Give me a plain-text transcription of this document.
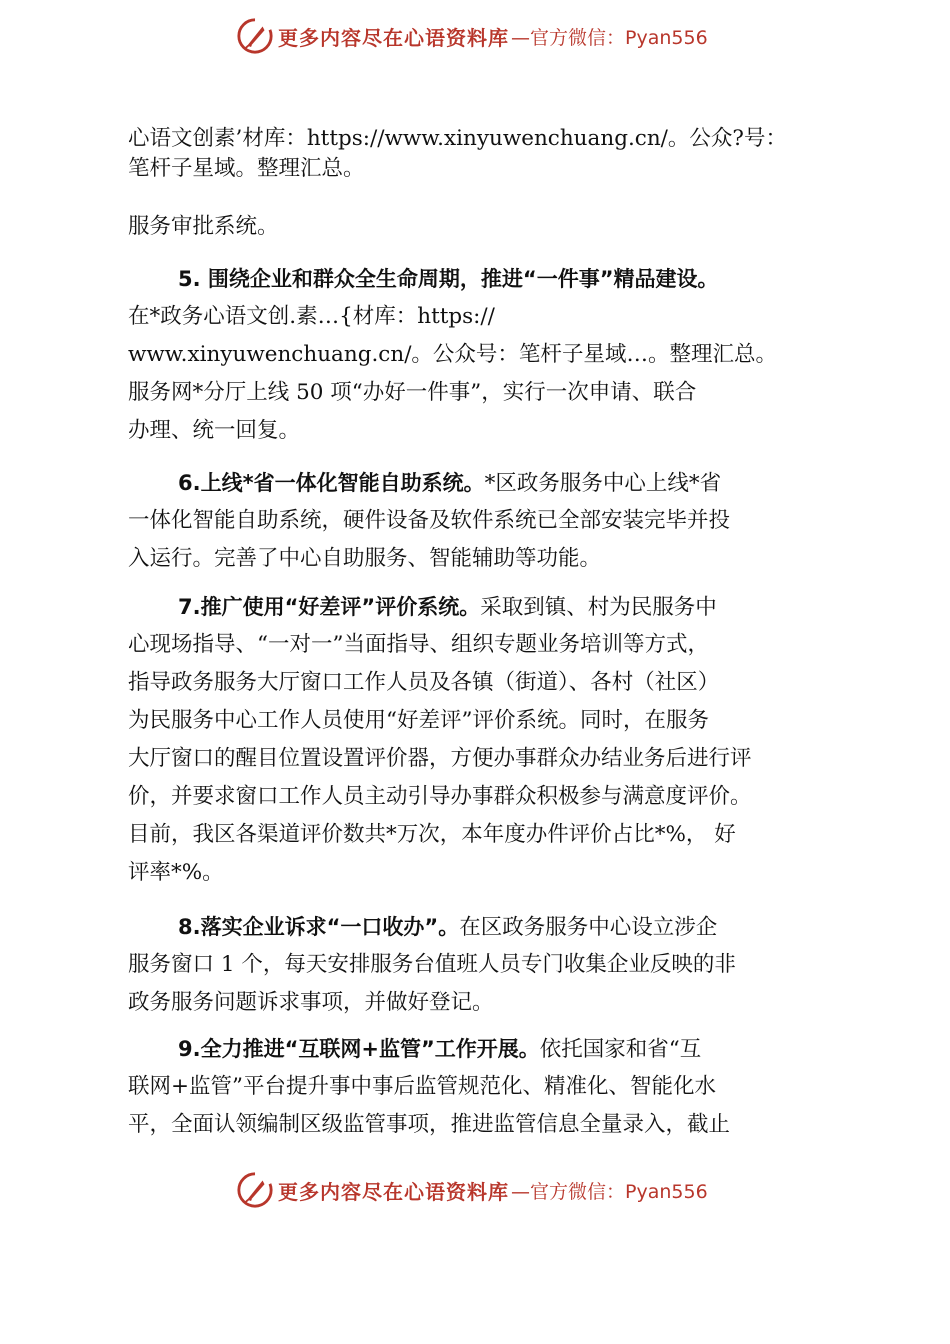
更多内容尽在心语资料库 —官方微信：Pyan556

心语文创素’材库：https://www.xinyuwenchuang.cn/。公众?号：
笔杆子星域。整理汇总。

服务审批系统。

5. 围绕企业和群众全生命周期，推进“一件事”精品建设。
在*政务心语文创.素…{材库：https://
www.xinyuwenchuang.cn/。公众号：笔杆子星域…。整理汇总。
服务网*分厅上线 50 项“办好一件事”，实行一次申请、联合
办理、统一回复。

6.上线*省一体化智能自助系统。*区政务服务中心上线*省
一体化智能自助系统，硬件设备及软件系统已全部安装完毕并投
入运行。完善了中心自助服务、智能辅助等功能。

7.推广使用“好差评”评价系统。采取到镇、村为民服务中
心现场指导、“一对一”当面指导、组织专题业务培训等方式，
指导政务服务大厅窗口工作人员及各镇（街道）、各村（社区）
为民服务中心工作人员使用“好差评”评价系统。同时，在服务
大厅窗口的醒目位置设置评价器，方便办事群众办结业务后进行评
价，并要求窗口工作人员主动引导办事群众积极参与满意度评价。
目前，我区各渠道评价数共*万次，本年度办件评价占比*%， 好
评率*%。

8.落实企业诉求“一口收办”。在区政务服务中心设立涉企
服务窗口 1 个，每天安排服务台值班人员专门收集企业反映的非
政务服务问题诉求事项，并做好登记。

9.全力推进“互联网+监管”工作开展。依托国家和省“互
联网+监管”平台提升事中事后监管规范化、精准化、智能化水
平，全面认领编制区级监管事项，推进监管信息全量录入，截止

更多内容尽在心语资料库 —官方微信：Pyan556
